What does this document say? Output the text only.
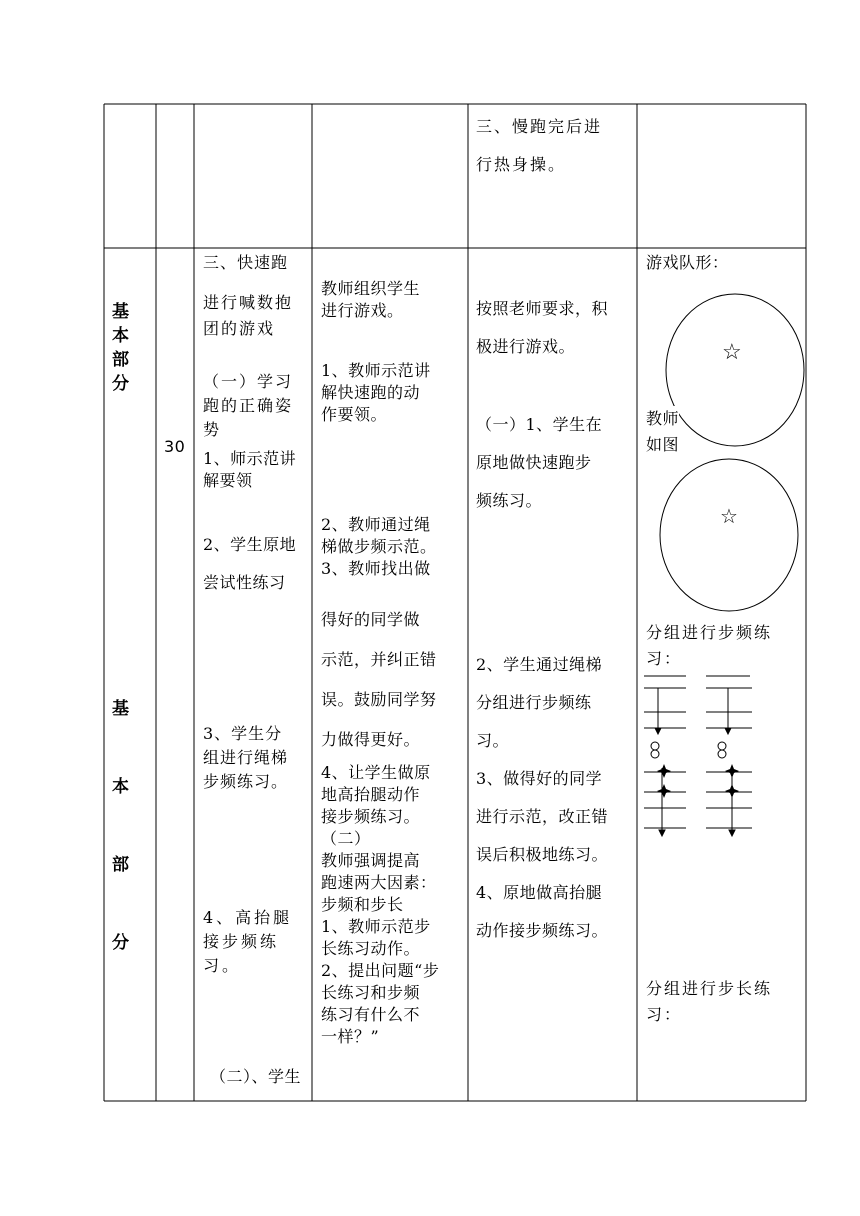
三、慢跑完后进
行热身操。
基
本
部
分
基
本
部
分
30
三、快速跑
进行喊数抱
团的游戏
（一）学习
跑的正确姿
势
1、师示范讲
解要领
2、学生原地
尝试性练习
3、学生分
组进行绳梯
步频练习。
4、高抬腿
接步频练
习。
（二）、学生
教师组织学生
进行游戏。
1、教师示范讲
解快速跑的动
作要领。
2、教师通过绳
梯做步频示范。
3、教师找出做
得好的同学做
示范，并纠正错
误。鼓励同学努
力做得更好。
4、让学生做原
地高抬腿动作
接步频练习。
（二）
教师强调提高
跑速两大因素：
步频和步长
1、教师示范步
长练习动作。
2、提出问题“步
长练习和步频
练习有什么不
一样？”
按照老师要求，积
极进行游戏。
（一）1、学生在
原地做快速跑步
频练习。
2、学生通过绳梯
分组进行步频练
习。
3、做得好的同学
进行示范，改正错
误后积极地练习。
4、原地做高抬腿
动作接步频练习。
游戏队形：
☆
☆
教师
如图
分组进行步频练
习：
分组进行步长练
习：
